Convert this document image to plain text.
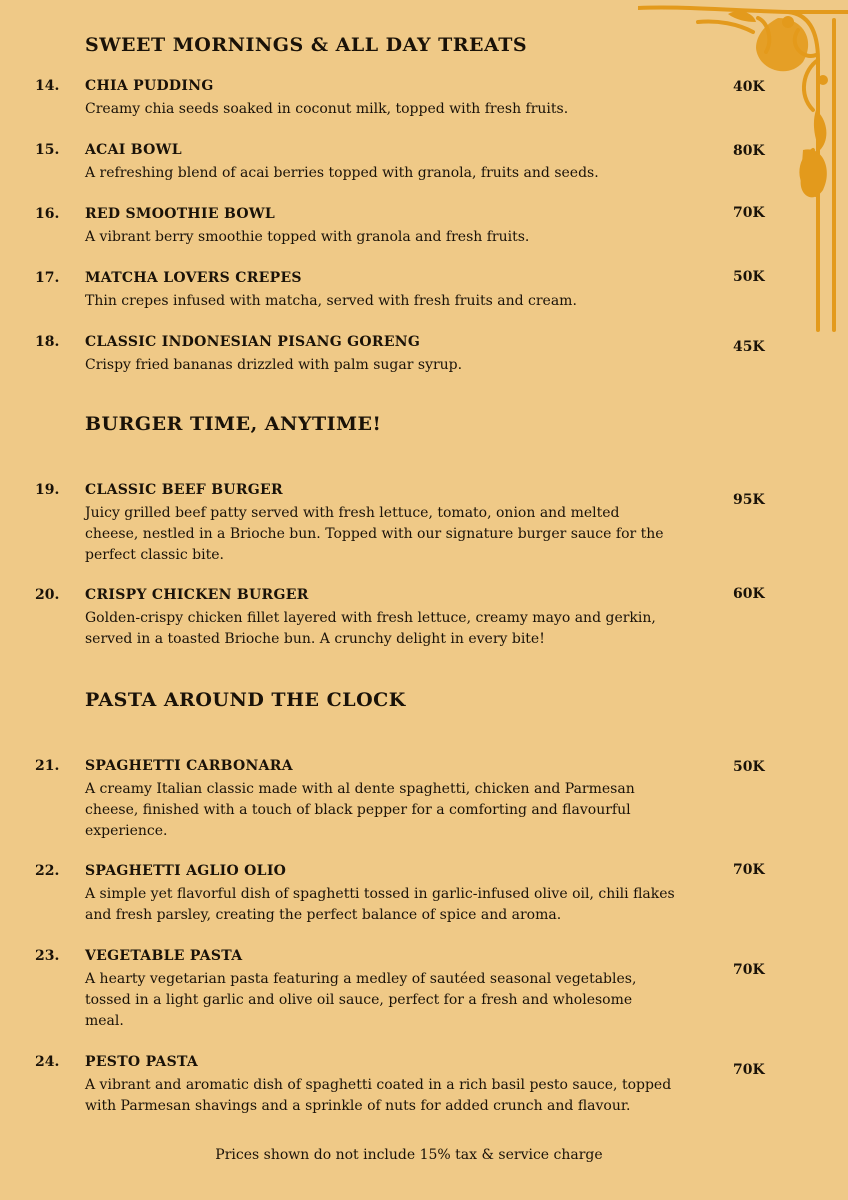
SWEET MORNINGS & ALL DAY TREATS
14. CHIA PUDDING
Creamy chia seeds soaked in coconut milk, topped with fresh fruits.
40K
15. ACAI BOWL
A refreshing blend of acai berries topped with granola, fruits and seeds.
80K
16. RED SMOOTHIE BOWL
A vibrant berry smoothie topped with granola and fresh fruits.
70K
17. MATCHA LOVERS CREPES
Thin crepes infused with matcha, served with fresh fruits and cream.
50K
18. CLASSIC INDONESIAN PISANG GORENG
Crispy fried bananas drizzled with palm sugar syrup.
45K
BURGER TIME, ANYTIME!
19. CLASSIC BEEF BURGER
Juicy grilled beef patty served with fresh lettuce, tomato, onion and melted cheese, nestled in a Brioche bun. Topped with our signature burger sauce for the perfect classic bite.
95K
20. CRISPY CHICKEN BURGER
Golden-crispy chicken fillet layered with fresh lettuce, creamy mayo and gerkin, served in a toasted Brioche bun. A crunchy delight in every bite!
60K
PASTA AROUND THE CLOCK
21. SPAGHETTI CARBONARA
A creamy Italian classic made with al dente spaghetti, chicken and Parmesan cheese, finished with a touch of black pepper for a comforting and flavourful experience.
50K
22. SPAGHETTI AGLIO OLIO
A simple yet flavorful dish of spaghetti tossed in garlic-infused olive oil, chili flakes and fresh parsley, creating the perfect balance of spice and aroma.
70K
23. VEGETABLE PASTA
A hearty vegetarian pasta featuring a medley of sautéed seasonal vegetables, tossed in a light garlic and olive oil sauce, perfect for a fresh and wholesome meal.
70K
24. PESTO PASTA
A vibrant and aromatic dish of spaghetti coated in a rich basil pesto sauce, topped with Parmesan shavings and a sprinkle of nuts for added crunch and flavour.
70K
Prices shown do not include 15% tax & service charge
